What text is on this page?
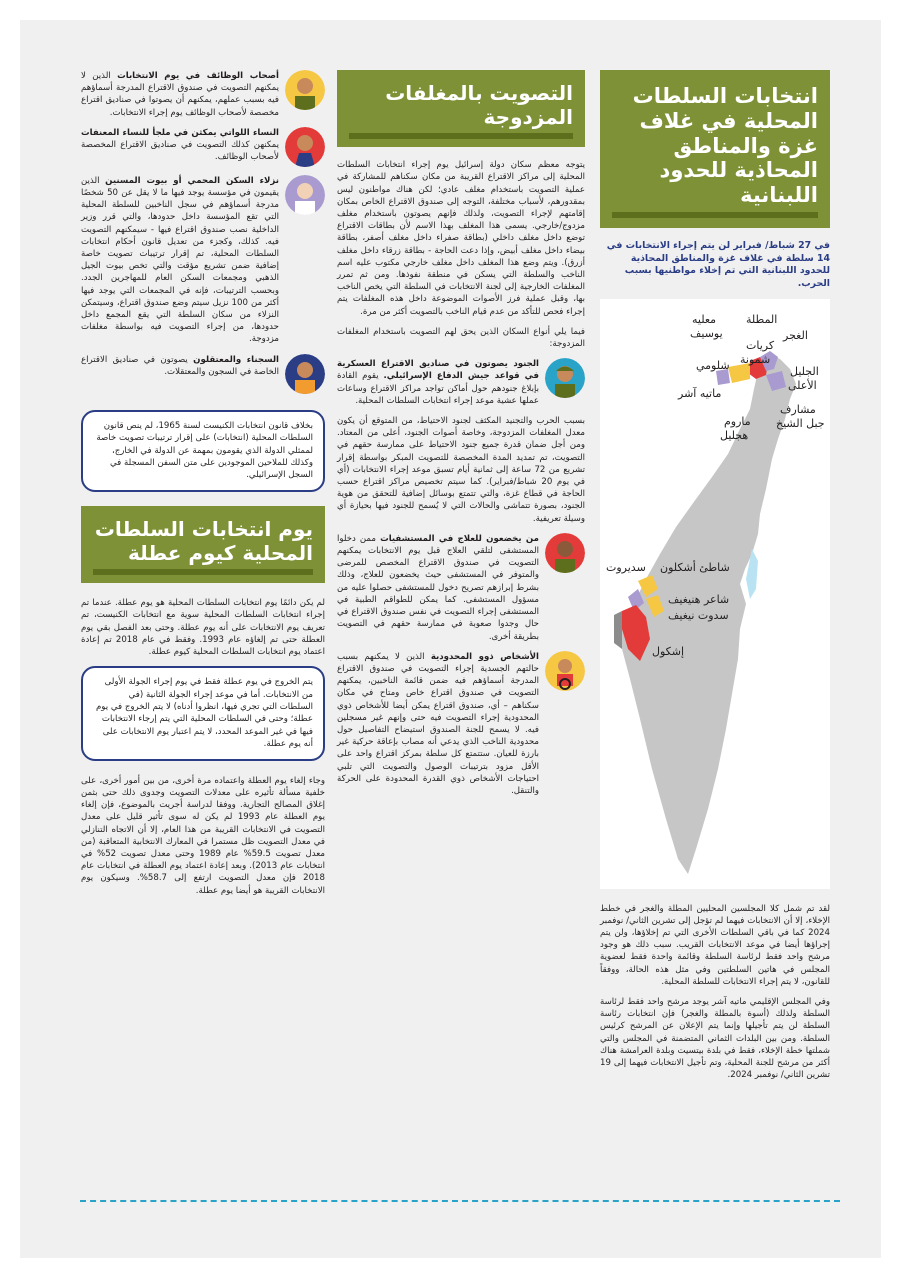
انتخابات السلطات المحلية في غلاف غزة والمناطق المحاذية للحدود اللبنانية

في 27 شباط/ فبراير لن يتم إجراء الانتخابات في 14 سلطة في غلاف غزة والمناطق المحاذية للحدود اللبنانية التي تم إخلاء مواطنيها بسبب الحرب.

المطلة
الغجر
معليه
يوسيف
كريات
شمونة
شلومي	الجليل
الأعلى
ماتيه آشر
مشارف
جبل الشيخ
ماروم
هجليل
شاطئ أشكلون
سديروت
شاعر هنيغيف
سدوت نيغيف
إشكول

لقد تم شمل كلا المجلسين المحليين المطلة والغجر في خطط الإخلاء، إلا أن الانتخابات فيهما لم تؤجل إلى تشرين الثاني/ نوفمبر 2024 كما في باقي السلطات الأخرى التي تم إخلاؤها، ولن يتم إجراؤها أيضا في موعد الانتخابات القريب. سبب ذلك هو وجود مرشح واحد فقط لرئاسة السلطة وقائمة واحدة فقط لعضوية المجلس في هاتين السلطتين وفي مثل هذه الحالة، ووفقاً للقانون، لا يتم إجراء الانتخابات للسلطة المحلية.

وفي المجلس الإقليمي ماتيه آشر يوجد مرشح واحد فقط لرئاسة السلطة ولذلك (أسوة بالمطلة والغجر) فإن انتخابات رئاسة السلطة لن يتم تأجيلها وإنما يتم الإعلان عن المرشح كرئيس السلطة. ومن بين البلدات الثماني المتضمنة في المجلس والتي شملتها خطة الإخلاء، فقط في بلدة بيتسيت وبلدة العرامشة هناك أكثر من مرشح للجنة المحلية، وتم تأجيل الانتخابات فيهما إلى 19 تشرين الثاني/ نوفمبر 2024.

التصويت بالمغلفات المزدوجة

يتوجه معظم سكان دولة إسرائيل يوم إجراء انتخابات السلطات المحلية إلى مراكز الاقتراع القريبة من مكان سكناهم للمشاركة في عملية التصويت باستخدام مغلف عادي؛ لكن هناك مواطنون ليس بمقدورهم، لأسباب مختلفة، التوجه إلى صندوق الاقتراع الخاص بمكان إقامتهم لإجراء التصويت، ولذلك فإنهم يصوتون باستخدام مغلف مزدوج/خارجي. يسمى هذا المغلف بهذا الاسم لأن بطاقات الاقتراع توضع داخل مغلف داخلي (بطاقة صفراء داخل مغلف أصفر، بطاقة بيضاء داخل مغلف أبيض، وإذا دعت الحاجة - بطاقة زرقاء داخل مغلف أزرق). ويتم وضع هذا المغلف داخل مغلف خارجي مكتوب عليه اسم الناخب والسلطة التي يسكن في منطقة نفوذها. ومن ثم تمرر المغلفات الخارجية إلى لجنة الانتخابات في السلطة التي يخص الناخب بها، وقبل عملية فرز الأصوات الموضوعة داخل هذه المغلفات يتم إجراء فحص للتأكد من عدم قيام الناخب بالتصويت أكثر من مرة.

فيما يلي أنواع السكان الذين يحق لهم التصويت باستخدام المغلفات المزدوجة:

الجنود يصوتون في صناديق الاقتراع العسكرية في قواعد جيش الدفاع الإسرائيلي. يقوم القادة بإبلاغ جنودهم حول أماكن تواجد مراكز الاقتراع وساعات عملها عشية موعد إجراء انتخابات السلطات المحلية.

بسبب الحرب والتجنيد المكثف لجنود الاحتياط، من المتوقع أن يكون معدل المغلفات المزدوجة، وخاصة أصوات الجنود، أعلى من المعتاد. ومن أجل ضمان قدرة جميع جنود الاحتياط على ممارسة حقهم في التصويت، تم تمديد المدة المخصصة للتصويت المبكر بواسطة إقرار تشريع من 72 ساعة إلى ثمانية أيام تسبق موعد إجراء الانتخابات (أي في يوم 20 شباط/فبراير). كما سيتم تخصيص مراكز اقتراع حسب الحاجة في قطاع غزة، والتي تتمتع بوسائل إضافية للتحقق من هوية الجنود، بصورة تتماشى والحالات التي لا يُسمح للجنود فيها بحيازة أي وسيلة تعريفية.

من يخضعون للعلاج في المستشفيات ممن دخلوا المستشفى لتلقي العلاج قبل يوم الانتخابات يمكنهم التصويت في صندوق الاقتراع المخصص للمرضى والمتوفر في المستشفى حيث يخضعون للعلاج، وذلك بشرط إبرازهم تصريح دخول للمستشفى حصلوا عليه من مسؤول المستشفى. كما يمكن للطواقم الطبية في المستشفى إجراء التصويت في نفس صندوق الاقتراع في حال وجدوا صعوبة في ممارسة حقهم في التصويت بطريقة أخرى.

الأشخاص ذوو المحدودية الذين لا يمكنهم بسبب حالتهم الجسدية إجراء التصويت في صندوق الاقتراع المدرجة أسماؤهم فيه ضمن قائمة الناخبين، يمكنهم التصويت في صندوق اقتراع خاص ومتاح في مكان سكناهم – أي، صندوق اقتراع يمكن أيضا للأشخاص ذوي المحدودية إجراء التصويت فيه حتى وإنهم غير مسجلين فيه. لا يسمح للجنة الصندوق استيضاح التفاصيل حول محدودية الناخب الذي يدعي أنه مصاب بإعاقة حركية غير بارزة للعيان. ستتمتع كل سلطة بمركز اقتراع واحد على الأقل مزود بترتيبات الوصول والتصويت التي تلبي احتياجات الأشخاص ذوي القدرة المحدودة على الحركة والتنقل.

أصحاب الوظائف في يوم الانتخابات الذين لا يمكنهم التصويت في صندوق الاقتراع المدرجة أسماؤهم فيه بسبب عملهم، يمكنهم أن يصوتوا في صناديق اقتراع مخصصة لأصحاب الوظائف يوم إجراء الانتخابات.

النساء اللواتي يمكثن في ملجأ للنساء المعنفات يمكنهن كذلك التصويت في صناديق الاقتراع المخصصة لأصحاب الوظائف.

نزلاء السكن المحمي أو بيوت المسنين الذين يقيمون في مؤسسة يوجد فيها ما لا يقل عن 50 شخصًا مدرجة أسماؤهم في سجل الناخبين للسلطة المحلية التي تقع المؤسسة داخل حدودها، والتي قرر وزير الداخلية نصب صندوق اقتراع فيها - سيمكنهم التصويت فيه. كذلك، وكجزء من تعديل قانون أحكام انتخابات السلطات المحلية، تم إقرار ترتيبات تصويت خاصة إضافية ضمن تشريع مؤقت والتي تخص بيوت الجيل الذهبي ومجمعات السكن العام للمهاجرين الجدد. وبحسب الترتيبات، فإنه في المجمعات التي يوجد فيها أكثر من 100 نزيل سيتم وضع صندوق اقتراع، وسيتمكن النزلاء من سكان السلطة التي يقع المجمع داخل حدودها، من إجراء التصويت فيه بواسطة مغلفات مزدوجة.

السجناء والمعتقلون يصوتون في صناديق الاقتراع الخاصة في السجون والمعتقلات.

بخلاف قانون انتخابات الكنيست لسنة 1965، لم ينص قانون السلطات المحلية (انتخابات) على إقرار ترتيبات تصويت خاصة لممثلي الدولة الذي يقومون بمهمة عن الدولة في الخارج، وكذلك للملاحين الموجودين على متن السفن المسجلة في السجل الإسرائيلي.
يوم انتخابات السلطات المحلية كيوم عطلة

لم يكن دائمًا يوم انتخابات السلطات المحلية هو يوم عطلة. عندما تم إجراء انتخابات السلطات المحلية سوية مع انتخابات الكنيست، تم تعريف يوم الانتخابات على أنه يوم عطلة. وحتى بعد الفصل بقي يوم العطلة حتى تم إلغاؤه عام 1993. وفقط في عام 2018 تم إعادة اعتماد يوم انتخابات السلطات المحلية كيوم عطلة.

يتم الخروج في يوم عطلة فقط في يوم إجراء الجولة الأولى من الانتخابات. أما في موعد إجراء الجولة الثانية (في السلطات التي تجري فيها، انظروا أدناه) لا يتم الخروج في يوم عطلة؛ وحتى في السلطات المحلية التي يتم إرجاء الانتخابات فيها في غير الموعد المحدد، لا يتم اعتبار يوم الانتخابات على أنه يوم عطلة.

وجاء إلغاء يوم العطلة واعتماده مرة أخرى، من بين أمور أخرى، على خلفية مسألة تأثيره على معدلات التصويت وجدوى ذلك حتى بثمن إغلاق المصالح التجارية. ووفقا لدراسة أجريت بالموضوع، فإن إلغاء يوم العطلة عام 1993 لم يكن له سوى تأثير قليل على معدل التصويت في الانتخابات القريبة من هذا العام، إلا أن الاتجاه التنازلي في معدل التصويت ظل مستمرا في المعارك الانتخابية المتعاقبة (من معدل تصويت 59.5% عام 1989 وحتى معدل تصويت 52% في انتخابات عام 2013). وبعد إعادة اعتماد يوم العطلة في انتخابات عام 2018 فإن معدل التصويت ارتفع إلى 58.7%. وسيكون يوم الانتخابات القريبة هو أيضا يوم عطلة.
